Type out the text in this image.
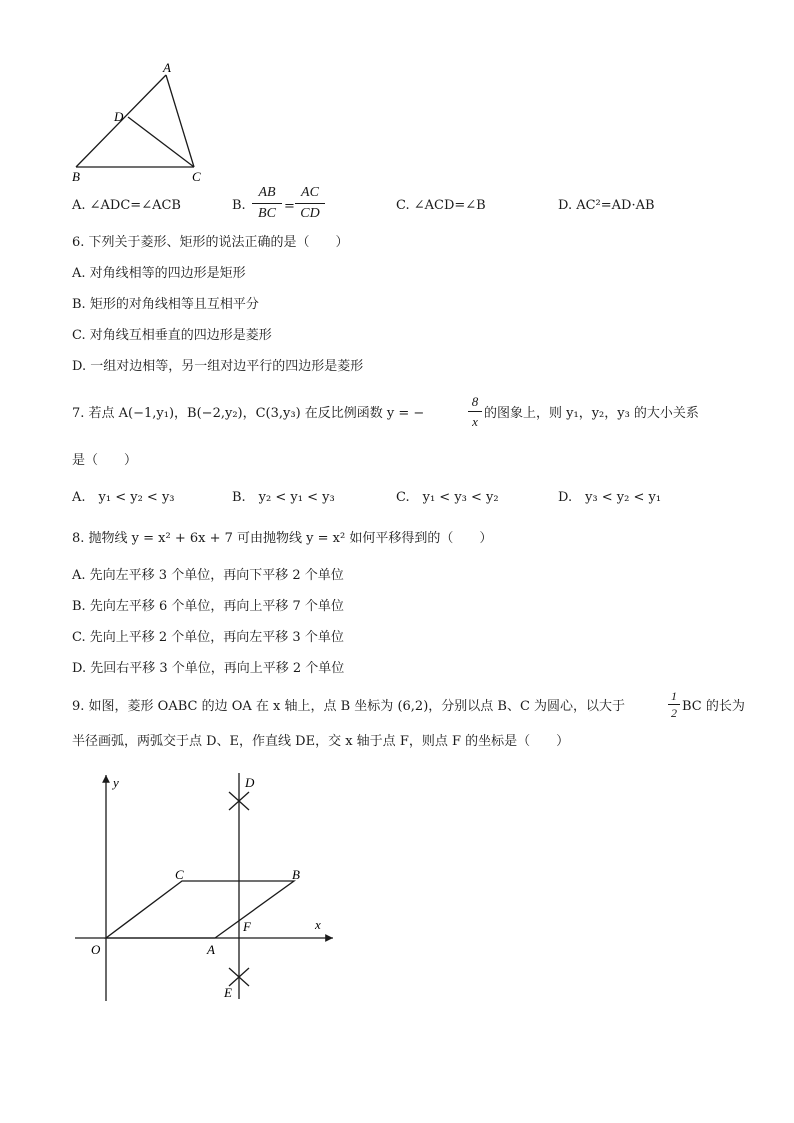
A
D
B	C
A. ∠ADC=∠ACB	B.
AB
BC =
AC
CD
C. ∠ACD=∠B	D. AC²=AD·AB
6. 下列关于菱形、矩形的说法正确的是（　　）
A. 对角线相等的四边形是矩形
B. 矩形的对角线相等且互相平分
C. 对角线互相垂直的四边形是菱形
D. 一组对边相等，另一组对边平行的四边形是菱形
7. 若点 A(−1,y₁)，B(−2,y₂)，C(3,y₃) 在反比例函数 y = −
8
x
的图象上，则 y₁，y₂，y₃ 的大小关系
是（　　）
A.　y₁ < y₂ < y₃	B.　y₂ < y₁ < y₃	C.　y₁ < y₃ < y₂	D.　y₃ < y₂ < y₁
8. 抛物线 y = x² + 6x + 7 可由抛物线 y = x² 如何平移得到的（　　）
A. 先向左平移 3 个单位，再向下平移 2 个单位
B. 先向左平移 6 个单位，再向上平移 7 个单位
C. 先向上平移 2 个单位，再向左平移 3 个单位
D. 先回右平移 3 个单位，再向上平移 2 个单位
9. 如图，菱形 OABC 的边 OA 在 x 轴上，点 B 坐标为 (6,2)，分别以点 B、C 为圆心，以大于
1
2 BC 的长为
半径画弧，两弧交于点 D、E，作直线 DE，交 x 轴于点 F，则点 F 的坐标是（　　）
y
x
O	A
B
C
D
E
F
